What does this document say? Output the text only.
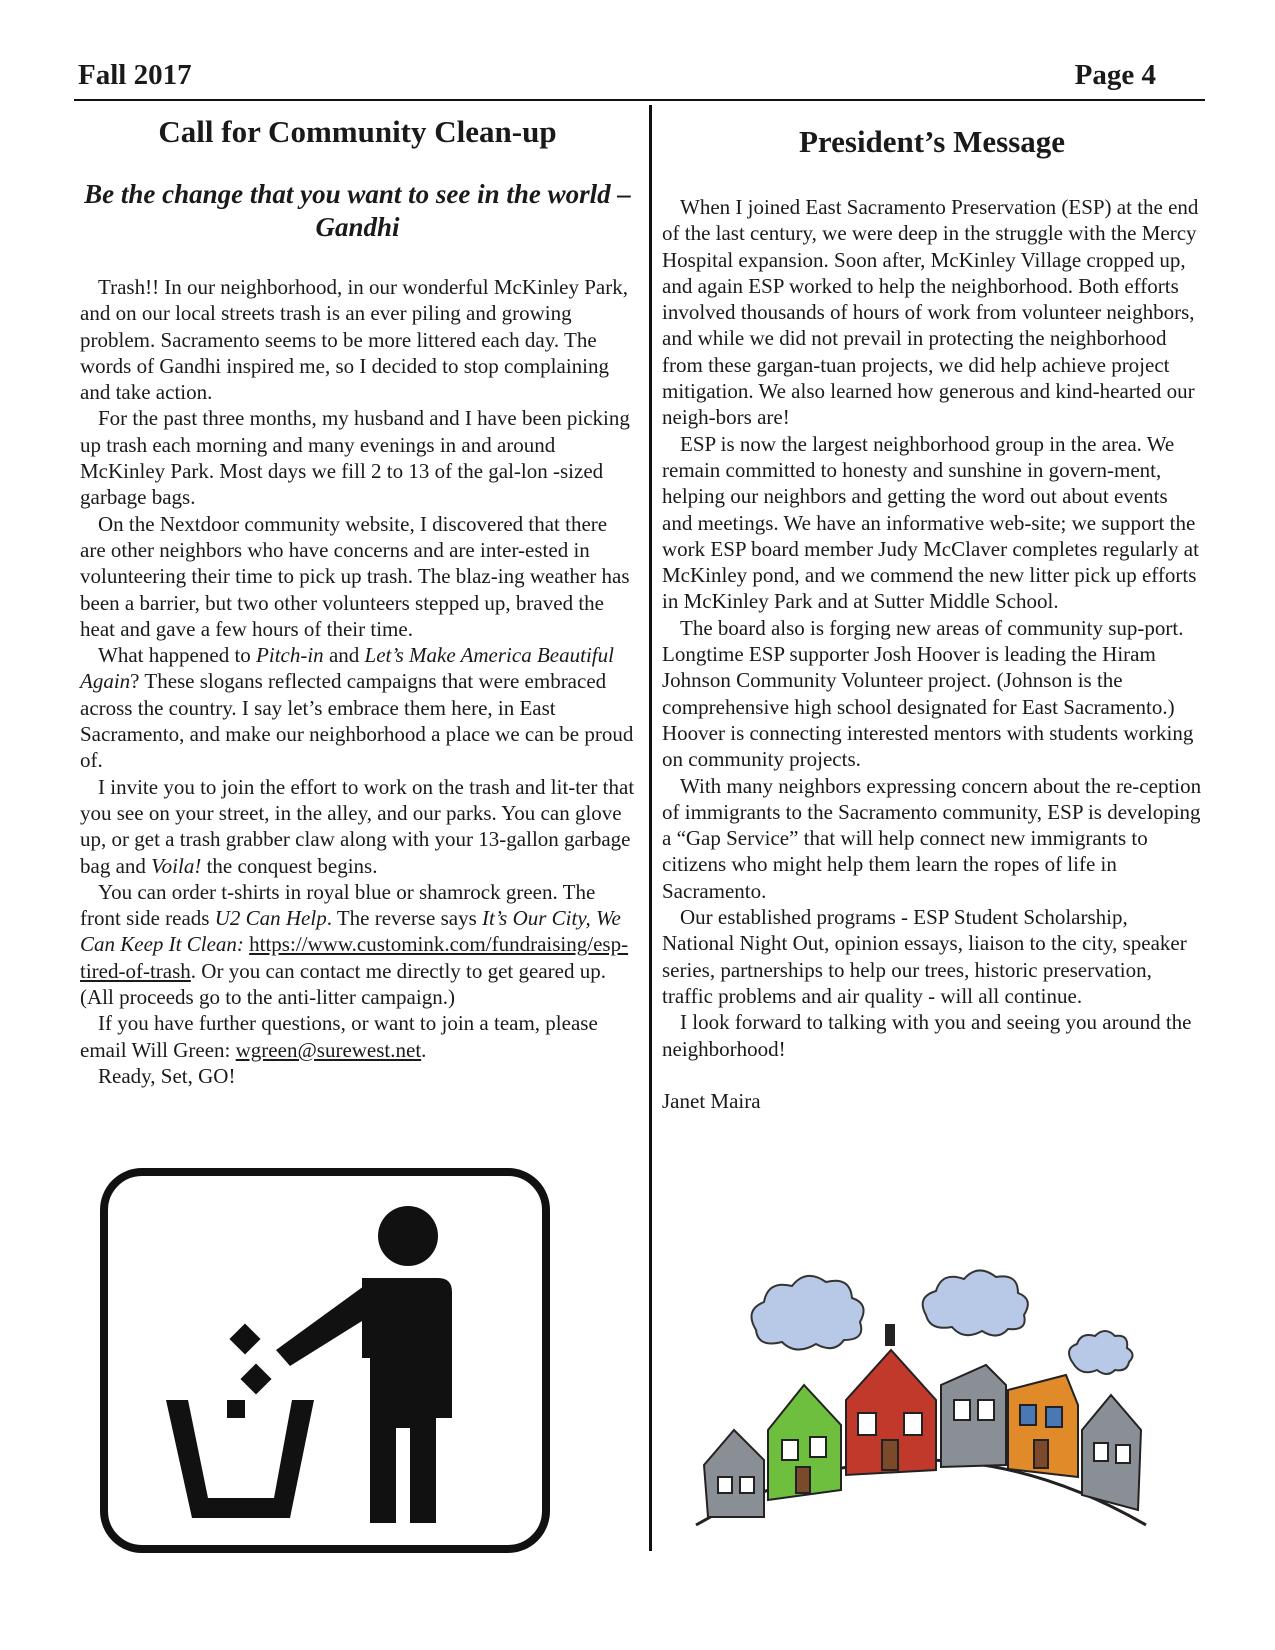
Fall 2017	Page 4
Call for Community Clean-up
Be the change that you want to see in the world – Gandhi

Trash!! In our neighborhood, in our wonderful McKinley Park, and on our local streets trash is an ever piling and growing problem. Sacramento seems to be more littered each day. The words of Gandhi inspired me, so I decided to stop complaining and take action.

For the past three months, my husband and I have been picking up trash each morning and many evenings in and around McKinley Park. Most days we fill 2 to 13 of the gal-lon -sized garbage bags.

On the Nextdoor community website, I discovered that there are other neighbors who have concerns and are inter-ested in volunteering their time to pick up trash. The blaz-ing weather has been a barrier, but two other volunteers stepped up, braved the heat and gave a few hours of their time.

What happened to Pitch-in and Let’s Make America Beautiful Again? These slogans reflected campaigns that were embraced across the country. I say let’s embrace them here, in East Sacramento, and make our neighborhood a place we can be proud of.

I invite you to join the effort to work on the trash and lit-ter that you see on your street, in the alley, and our parks. You can glove up, or get a trash grabber claw along with your 13-gallon garbage bag and Voila! the conquest begins.

You can order t-shirts in royal blue or shamrock green. The front side reads U2 Can Help. The reverse says It’s Our City, We Can Keep It Clean: https://www.customink.com/fundraising/esp-tired-of-trash. Or you can contact me directly to get geared up. (All proceeds go to the anti-litter campaign.)

If you have further questions, or want to join a team, please email Will Green: wgreen@surewest.net.

Ready, Set, GO!

President’s Message

When I joined East Sacramento Preservation (ESP) at the end of the last century, we were deep in the struggle with the Mercy Hospital expansion. Soon after, McKinley Village cropped up, and again ESP worked to help the neighborhood. Both efforts involved thousands of hours of work from volunteer neighbors, and while we did not prevail in protecting the neighborhood from these gargan-tuan projects, we did help achieve project mitigation. We also learned how generous and kind-hearted our neigh-bors are!

ESP is now the largest neighborhood group in the area. We remain committed to honesty and sunshine in govern-ment, helping our neighbors and getting the word out about events and meetings. We have an informative web-site; we support the work ESP board member Judy McClaver completes regularly at McKinley pond, and we commend the new litter pick up efforts in McKinley Park and at Sutter Middle School.

The board also is forging new areas of community sup-port. Longtime ESP supporter Josh Hoover is leading the Hiram Johnson Community Volunteer project. (Johnson is the comprehensive high school designated for East Sacramento.) Hoover is connecting interested mentors with students working on community projects.

With many neighbors expressing concern about the re-ception of immigrants to the Sacramento community, ESP is developing a “Gap Service” that will help connect new immigrants to citizens who might help them learn the ropes of life in Sacramento.

Our established programs - ESP Student Scholarship, National Night Out, opinion essays, liaison to the city, speaker series, partnerships to help our trees, historic preservation, traffic problems and air quality - will all continue.

I look forward to talking with you and seeing you around the neighborhood!

Janet Maira
